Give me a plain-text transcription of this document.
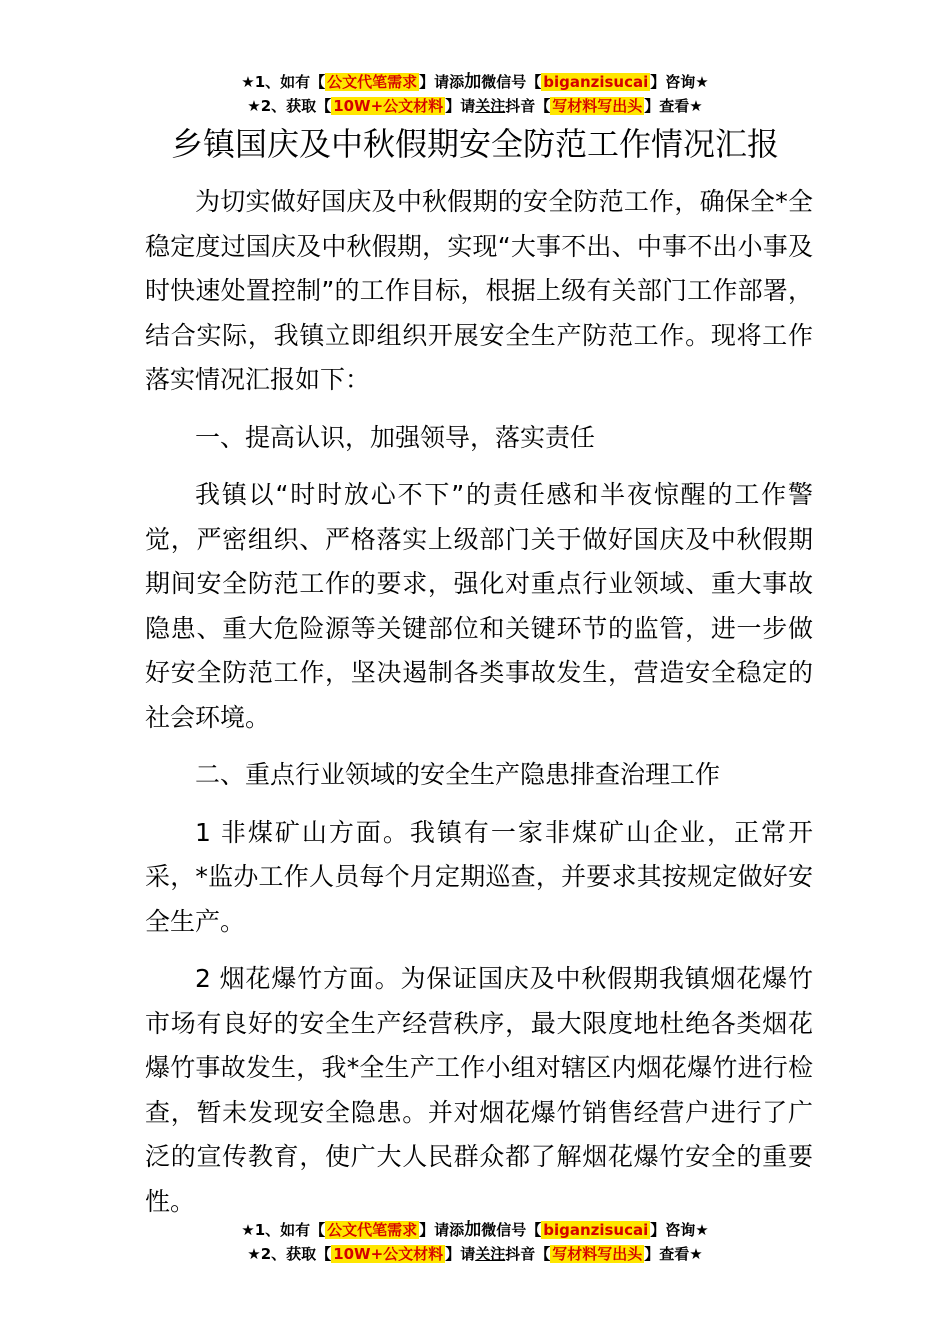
★1、如有【 公文代笔需求 】请添加微信号【 biganzisucai 】咨询★
★2、获取【 10W+公文材料 】请关注抖音【 写材料写出头 】查看★
乡镇国庆及中秋假期安全防范工作情况汇报

为切实做好国庆及中秋假期的安全防范工作，确保全*全稳定度过国庆及中秋假期，实现“大事不出、中事不出小事及时快速处置控制”的工作目标，根据上级有关部门工作部署，结合实际，我镇立即组织开展安全生产防范工作。现将工作落实情况汇报如下：

一、提高认识，加强领导，落实责任

我镇以“时时放心不下”的责任感和半夜惊醒的工作警觉，严密组织、严格落实上级部门关于做好国庆及中秋假期期间安全防范工作的要求，强化对重点行业领域、重大事故隐患、重大危险源等关键部位和关键环节的监管，进一步做好安全防范工作，坚决遏制各类事故发生，营造安全稳定的社会环境。

二、重点行业领域的安全生产隐患排查治理工作

1 非煤矿山方面。我镇有一家非煤矿山企业，正常开采，*监办工作人员每个月定期巡查，并要求其按规定做好安全生产。

2 烟花爆竹方面。为保证国庆及中秋假期我镇烟花爆竹市场有良好的安全生产经营秩序，最大限度地杜绝各类烟花爆竹事故发生，我*全生产工作小组对辖区内烟花爆竹进行检查，暂未发现安全隐患。并对烟花爆竹销售经营户进行了广泛的宣传教育，使广大人民群众都了解烟花爆竹安全的重要性。

★1、如有【 公文代笔需求 】请添加微信号【 biganzisucai 】咨询★
★2、获取【 10W+公文材料 】请关注抖音【 写材料写出头 】查看★
